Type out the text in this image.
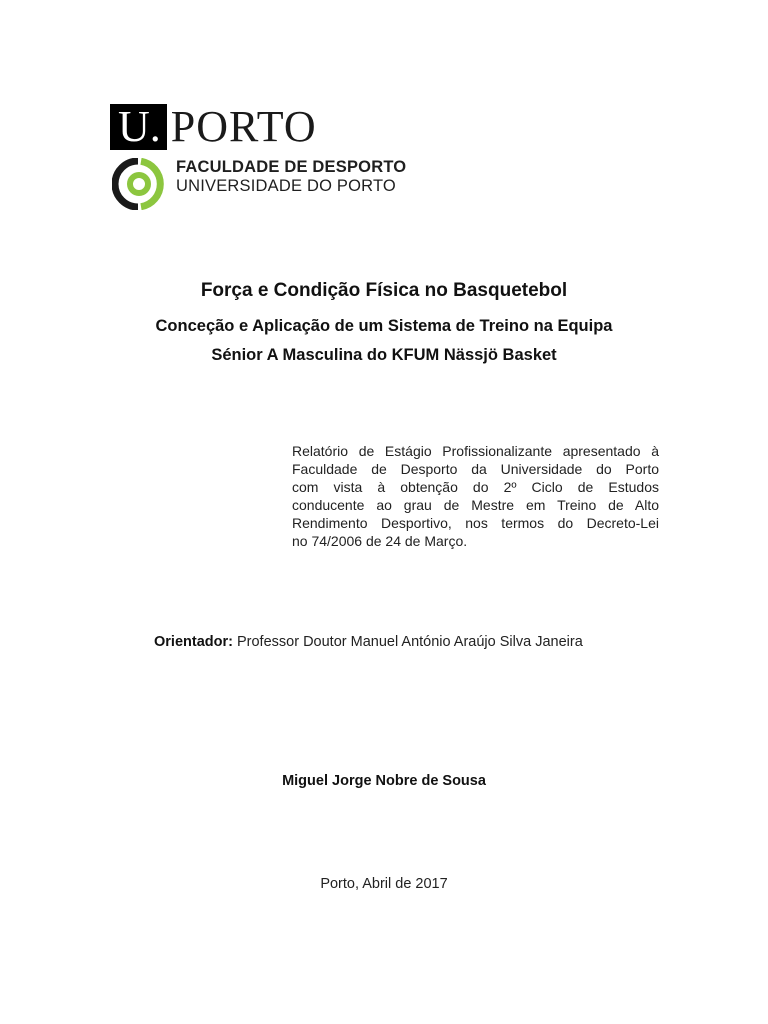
U. PORTO
FACULDADE DE DESPORTO
UNIVERSIDADE DO PORTO
Força e Condição Física no Basquetebol
Conceção e Aplicação de um Sistema de Treino na Equipa
Sénior A Masculina do KFUM Nässjö Basket
Relatório de Estágio Profissionalizante apresentado à
Faculdade de Desporto da Universidade do Porto
com vista à obtenção do 2º Ciclo de Estudos
conducente ao grau de Mestre em Treino de Alto
Rendimento Desportivo, nos termos do Decreto-Lei
no 74/2006 de 24 de Março.
Orientador: Professor Doutor Manuel António Araújo Silva Janeira
Miguel Jorge Nobre de Sousa
Porto, Abril de 2017
